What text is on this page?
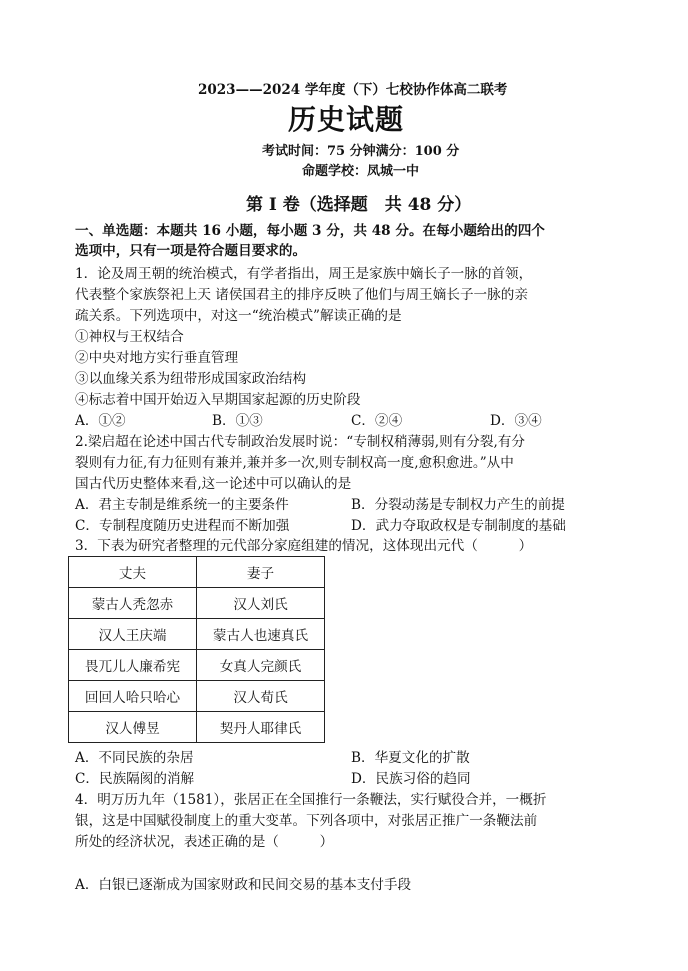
2023——2024 学年度（下）七校协作体高二联考
历史试题
考试时间：75 分钟满分：100 分
命题学校：凤城一中
第 I 卷（选择题　共 48 分）
一、单选题：本题共 16 小题，每小题 3 分，共 48 分。在每小题给出的四个
选项中，只有一项是符合题目要求的。
1．论及周王朝的统治模式，有学者指出，周王是家族中嫡长子一脉的首领，
代表整个家族祭祀上天 诸侯国君主的排序反映了他们与周王嫡长子一脉的亲
疏关系。下列选项中，对这一“统治模式”解读正确的是
①神权与王权结合
②中央对地方实行垂直管理
③以血缘关系为纽带形成国家政治结构
④标志着中国开始迈入早期国家起源的历史阶段
A．①②	B．①③	C．②④	D．③④
2.梁启超在论述中国古代专制政治发展时说：“专制权稍薄弱,则有分裂,有分
裂则有力征,有力征则有兼并,兼并多一次,则专制权高一度,愈积愈进。”从中
国古代历史整体来看,这一论述中可以确认的是
A．君主专制是维系统一的主要条件	B．分裂动荡是专制权力产生的前提
C．专制程度随历史进程而不断加强	D．武力夺取政权是专制制度的基础
3．下表为研究者整理的元代部分家庭组建的情况，这体现出元代（　　　）
丈夫	妻子
蒙古人秃忽赤	汉人刘氏
汉人王庆端	蒙古人也速真氏
畏兀儿人廉希宪	女真人完颜氏
回回人哈只哈心	汉人荀氏
汉人傅昱	契丹人耶律氏
A．不同民族的杂居	B．华夏文化的扩散
C．民族隔阂的消解	D．民族习俗的趋同
4．明万历九年（1581），张居正在全国推行一条鞭法，实行赋役合并，一概折
银，这是中国赋役制度上的重大变革。下列各项中，对张居正推广一条鞭法前
所处的经济状况，表述正确的是（　　　）
A．白银已逐渐成为国家财政和民间交易的基本支付手段
